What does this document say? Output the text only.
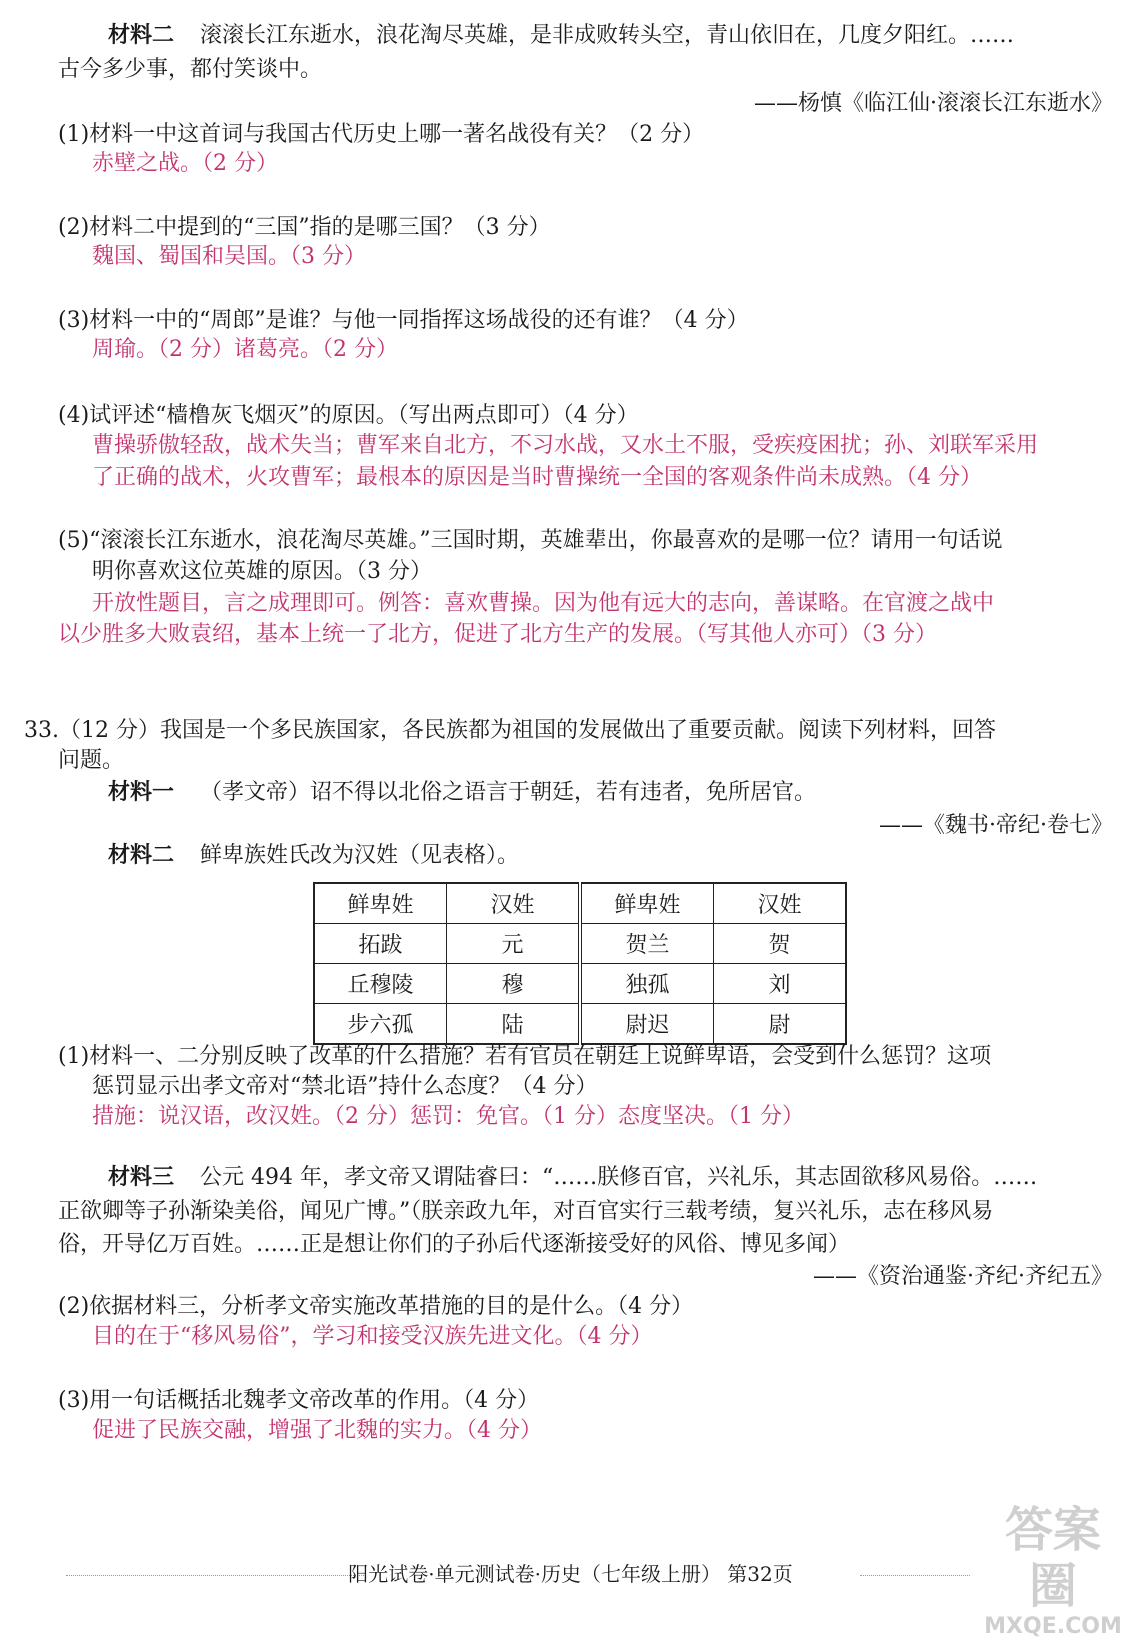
材料二 滚滚长江东逝水，浪花淘尽英雄，是非成败转头空，青山依旧在，几度夕阳红。……
古今多少事，都付笑谈中。
——杨慎《临江仙·滚滚长江东逝水》
(1)材料一中这首词与我国古代历史上哪一著名战役有关？（2 分）
赤壁之战。（2 分）
(2)材料二中提到的“三国”指的是哪三国？（3 分）
魏国、蜀国和吴国。（3 分）
(3)材料一中的“周郎”是谁？与他一同指挥这场战役的还有谁？（4 分）
周瑜。（2 分）诸葛亮。（2 分）
(4)试评述“樯橹灰飞烟灭”的原因。（写出两点即可）（4 分）
曹操骄傲轻敌，战术失当；曹军来自北方，不习水战，又水土不服，受疾疫困扰；孙、刘联军采用
了正确的战术，火攻曹军；最根本的原因是当时曹操统一全国的客观条件尚未成熟。（4 分）
(5)“滚滚长江东逝水，浪花淘尽英雄。”三国时期，英雄辈出，你最喜欢的是哪一位？请用一句话说
明你喜欢这位英雄的原因。（3 分）
开放性题目，言之成理即可。例答：喜欢曹操。因为他有远大的志向，善谋略。在官渡之战中
以少胜多大败袁绍，基本上统一了北方，促进了北方生产的发展。（写其他人亦可）（3 分）
33.（12 分）我国是一个多民族国家，各民族都为祖国的发展做出了重要贡献。阅读下列材料，回答
问题。
材料一 （孝文帝）诏不得以北俗之语言于朝廷，若有违者，免所居官。
——《魏书·帝纪·卷七》
材料二 鲜卑族姓氏改为汉姓（见表格）。
鲜卑姓	汉姓	鲜卑姓	汉姓
拓跋	元	贺兰	贺
丘穆陵	穆	独孤	刘
步六孤	陆	尉迟	尉
(1)材料一、二分别反映了改革的什么措施？若有官员在朝廷上说鲜卑语，会受到什么惩罚？这项
惩罚显示出孝文帝对“禁北语”持什么态度？（4 分）
措施：说汉语，改汉姓。（2 分）惩罚：免官。（1 分）态度坚决。（1 分）
材料三 公元 494 年，孝文帝又谓陆睿曰：“……朕修百官，兴礼乐，其志固欲移风易俗。……
正欲卿等子孙渐染美俗，闻见广博。”（朕亲政九年，对百官实行三载考绩，复兴礼乐，志在移风易
俗，开导亿万百姓。……正是想让你们的子孙后代逐渐接受好的风俗、博见多闻）
——《资治通鉴·齐纪·齐纪五》
(2)依据材料三，分析孝文帝实施改革措施的目的是什么。（4 分）
目的在于“移风易俗”，学习和接受汉族先进文化。（4 分）
(3)用一句话概括北魏孝文帝改革的作用。（4 分）
促进了民族交融，增强了北魏的实力。（4 分）
阳光试卷·单元测试卷·历史（七年级上册） 第32页
答案圈
MXQE.COM
